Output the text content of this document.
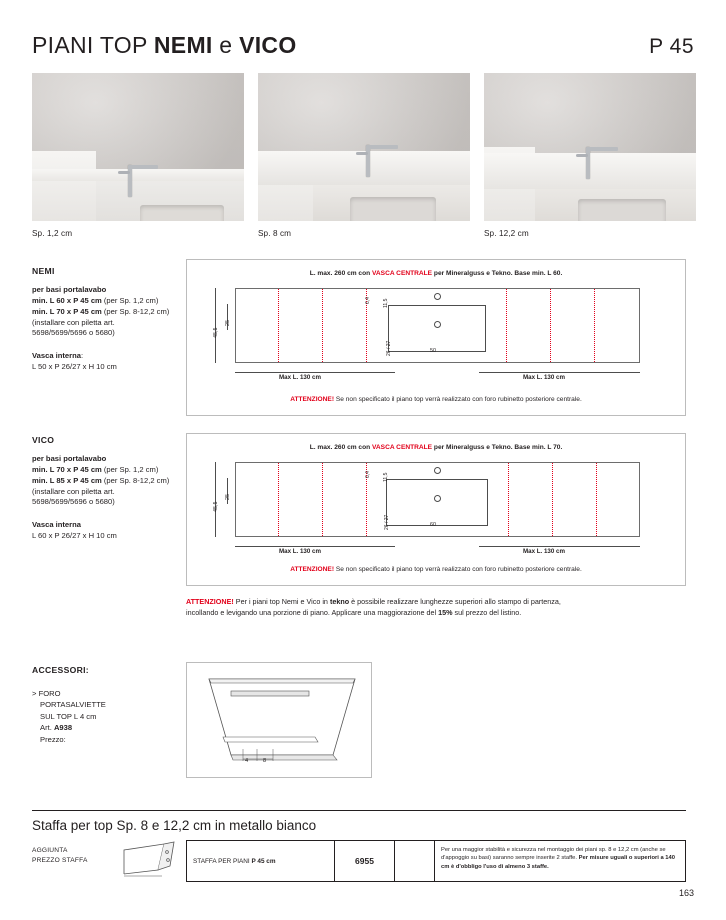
PIANI TOP NEMI e VICO	P 45
Sp. 1,2 cm	Sp. 8 cm	Sp. 12,2 cm
NEMI

per basi portalavabo
min. L 60 x P 45 cm (per Sp. 1,2 cm)
min. L 70 x P 45 cm (per Sp. 8-12,2 cm)
(installare con piletta art.
5698/5699/5696 o 5680)

Vasca interna:
L 50 x P 26/27 x H 10 cm

L. max. 260 cm con VASCA CENTRALE per Mineralguss e Tekno. Base min. L 60.
45,5
25
6,4 11,5
26 / 27	50
Max L. 130 cm	Max L. 130 cm
ATTENZIONE! Se non specificato il piano top verrà realizzato con foro rubinetto posteriore centrale.
VICO

per basi portalavabo
min. L 70 x P 45 cm (per Sp. 1,2 cm)
min. L 85 x P 45 cm (per Sp. 8-12,2 cm)
(installare con piletta art.
5698/5699/5696 o 5680)

Vasca interna
L 60 x P 26/27 x H 10 cm

L. max. 260 cm con VASCA CENTRALE per Mineralguss e Tekno. Base min. L 70.
45,5
25
6,4 11,5
26 / 27	60
Max L. 130 cm	Max L. 130 cm
ATTENZIONE! Se non specificato il piano top verrà realizzato con foro rubinetto posteriore centrale.
ATTENZIONE! Per i piani top Nemi e Vico in tekno è possibile realizzare lunghezze superiori allo stampo di partenza,
incollando e levigando una porzione di piano. Applicare una maggiorazione del 15% sul prezzo del listino.
ACCESSORI:
> FORO
PORTASALVIETTE
SUL TOP L 4 cm
Art. A938
Prezzo:
4	8
Staffa per top Sp. 8 e 12,2 cm in metallo bianco
AGGIUNTA
PREZZO STAFFA	STAFFA PER PIANI P 45 cm	6955
Per una maggior stabilità e sicurezza nel montaggio dei piani sp. 8 e 12,2 cm (anche se d'appoggio su basi) saranno sempre inserite 2 staffe. Per misure uguali o superiori a 140 cm è d'obbligo l'uso di almeno 3 staffe.
163
